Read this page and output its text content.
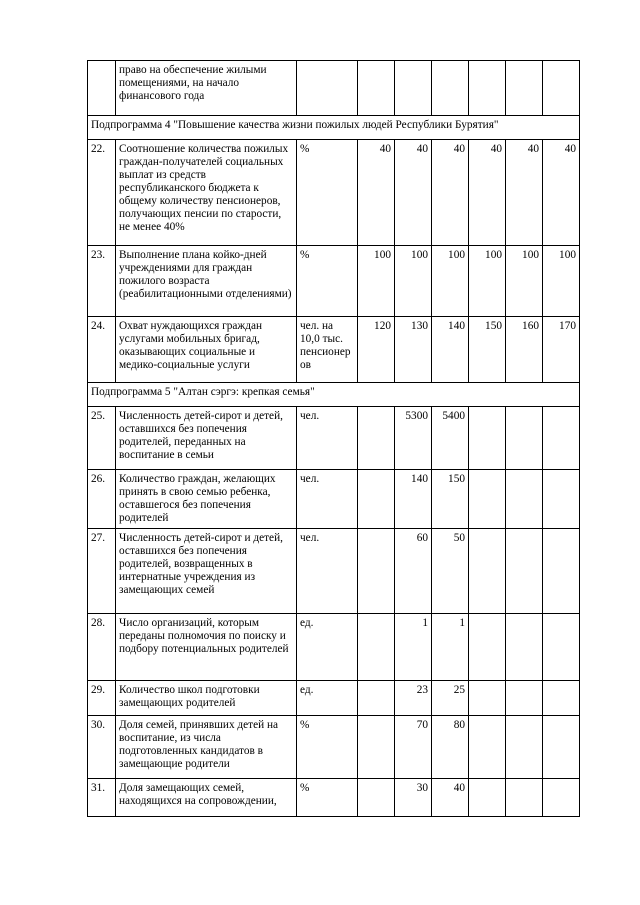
	право на обеспечение жилыми помещениями, на начало финансового года							
Подпрограмма 4 "Повышение качества жизни пожилых людей Республики Бурятия"								
22.	Соотношение количества пожилых граждан-получателей социальных выплат из средств республиканского бюджета к общему количеству пенсионеров, получающих пенсии по старости, не менее 40%	%	40	40	40	40	40	40
23.	Выполнение плана койко-дней учреждениями для граждан пожилого возраста (реабилитационными отделениями)	%	100	100	100	100	100	100
24.	Охват нуждающихся граждан услугами мобильных бригад, оказывающих социальные и медико-социальные услуги	чел. на 10,0 тыс. пенсионеров	120	130	140	150	160	170
Подпрограмма 5 "Алтан сэргэ: крепкая семья"								
25.	Численность детей-сирот и детей, оставшихся без попечения родителей, переданных на воспитание в семьи	чел.		5300	5400			
26.	Количество граждан, желающих принять в свою семью ребенка, оставшегося без попечения родителей	чел.		140	150			
27.	Численность детей-сирот и детей, оставшихся без попечения родителей, возвращенных в интернатные учреждения из замещающих семей	чел.		60	50			
28.	Число организаций, которым переданы полномочия по поиску и подбору потенциальных родителей	ед.		1	1			
29.	Количество школ подготовки замещающих родителей	ед.		23	25			
30.	Доля семей, принявших детей на воспитание, из числа подготовленных кандидатов в замещающие родители	%		70	80			
31.	Доля замещающих семей, находящихся на сопровождении,	%		30	40			
